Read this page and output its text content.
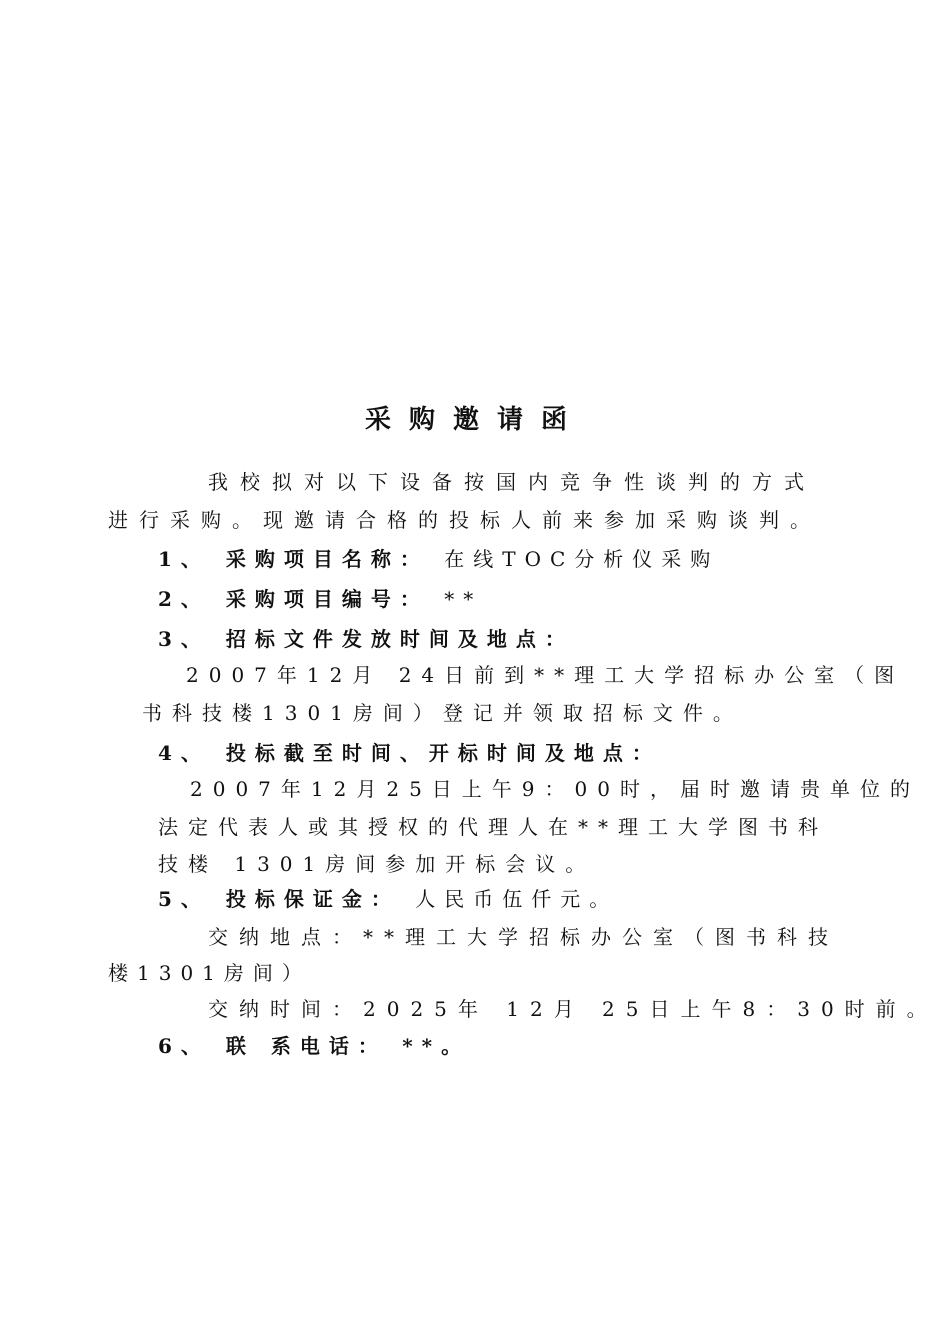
采购邀请函
我校拟对以下设备按国内竞争性谈判的方式
进行采购。现邀请合格的投标人前来参加采购谈判。
1、 采购项目名称： 在线TOC分析仪采购
2、 采购项目编号： **
3、 招标文件发放时间及地点：
2007年12月 24日前到**理工大学招标办公室（图
书科技楼1301房间）登记并领取招标文件。
4、 投标截至时间、开标时间及地点：
2007年12月25日上午9：00时，届时邀请贵单位的
法定代表人或其授权的代理人在**理工大学图书科
技楼 1301房间参加开标会议。
5、 投标保证金： 人民币伍仟元。
交纳地点：**理工大学招标办公室（图书科技
楼1301房间）
交纳时间：2025年 12月 25日上午8：30时前。
6、 联 系电话： **。
